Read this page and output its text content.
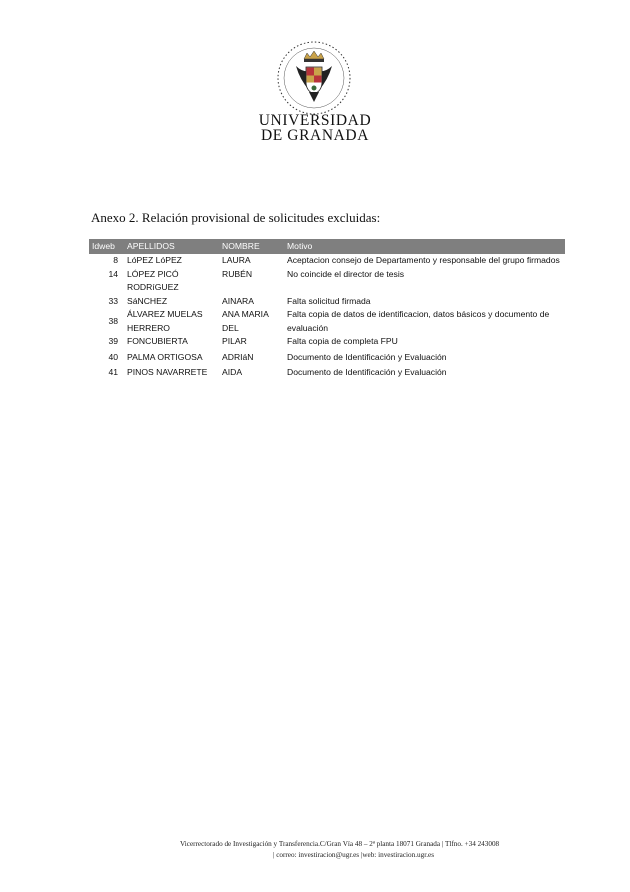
UNIVERSIDAD
DE GRANADA
Anexo 2. Relación provisional de solicitudes excluidas:
Idweb	APELLIDOS	NOMBRE	Motivo
8	LóPEZ LóPEZ	LAURA	Aceptacion consejo de Departamento y responsable del grupo firmados
14	LÓPEZ PICÓ RODRíGUEZ	RUBÉN	No coincide el director de tesis
33	SáNCHEZ	AINARA	Falta solicitud firmada
38	ÁLVAREZ MUELAS HERRERO	ANA MARIA DEL	Falta copia de datos de identificacion, datos básicos y documento de evaluación
39	FONCUBIERTA	PILAR	Falta copia de completa FPU
40	PALMA ORTIGOSA	ADRIáN	Documento de Identificación y Evaluación
41	PINOS NAVARRETE	AIDA	Documento de Identificación y Evaluación
Vicerrectorado de Investigación y Transferencia.C/Gran Vía 48 – 2ª planta 18071 Granada | Tlfno. +34 243008
| correo: investiracion@ugr.es |web: investiracion.ugr.es
